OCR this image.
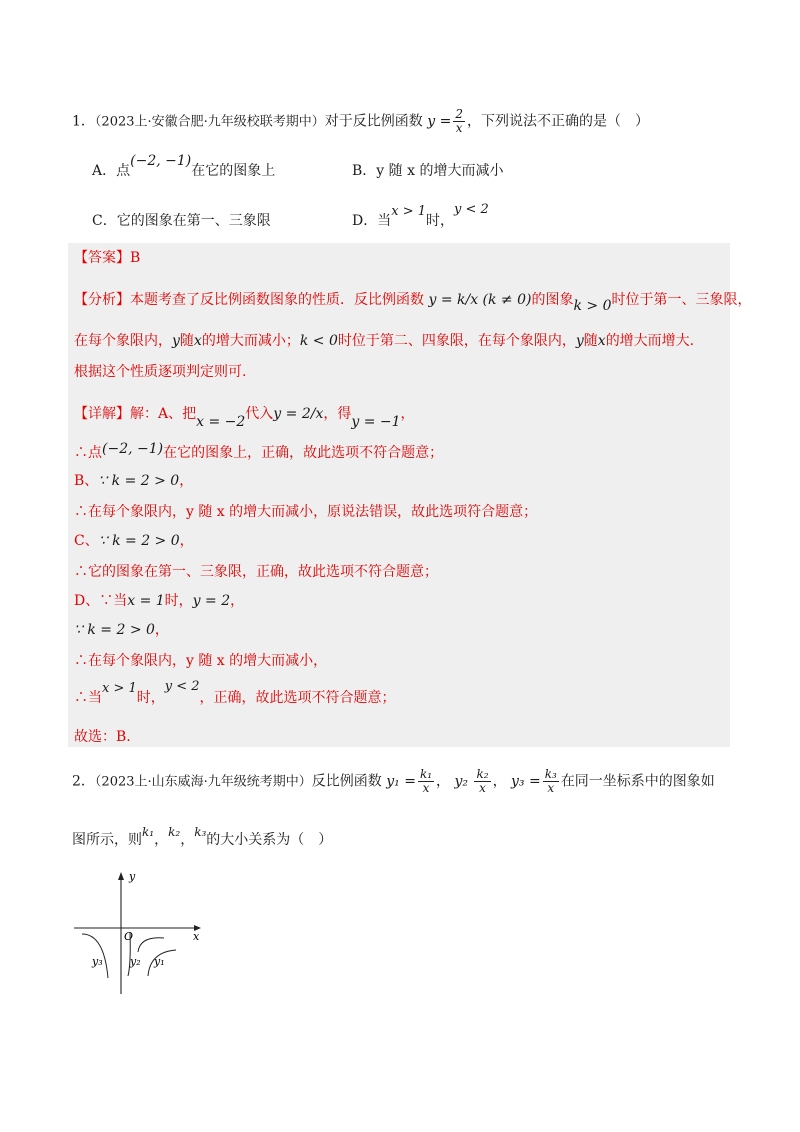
1．（2023上·安徽合肥·九年级校联考期中）对于反比例函数 $y = \frac{2}{x}$ ，下列说法不正确的是（　）
A．点(−2, −1)在它的图象上	B．y 随 x 的增大而减小
C．它的图象在第一、三象限	D．当x > 1时，y < 2
【答案】B
【分析】本题考查了反比例函数图象的性质．反比例函数 y = k/x (k ≠ 0)的图象k > 0时位于第一、三象限，
在每个象限内，y随x的增大而减小；k < 0时位于第二、四象限，在每个象限内，y随x的增大而增大.
根据这个性质逐项判定则可.
【详解】解：A、把x = −2代入y = 2/x，得y = −1，
∴点(−2, −1)在它的图象上，正确，故此选项不符合题意；
B、∵ k = 2 > 0，
∴在每个象限内，y 随 x 的增大而减小，原说法错误，故此选项符合题意；
C、∵ k = 2 > 0，
∴它的图象在第一、三象限，正确，故此选项不符合题意；
D、∵当x = 1时，y = 2，
∵ k = 2 > 0，
∴在每个象限内，y 随 x 的增大而减小，
∴当x > 1时，y < 2，正确，故此选项不符合题意；
故选：B.
2．（2023上·山东威海·九年级统考期中）反比例函数 $y_1 = \frac{\text{k₁}}{x}$ ， $y_2 \frac{\text{k₂}}{x}$ ， $y_3 = \frac{\text{k₃}}{x}$ 在同一坐标系中的图象如
图所示，则k₁，k₂，k₃的大小关系为（　）
y
x
O
y₃ y₂ y₁
